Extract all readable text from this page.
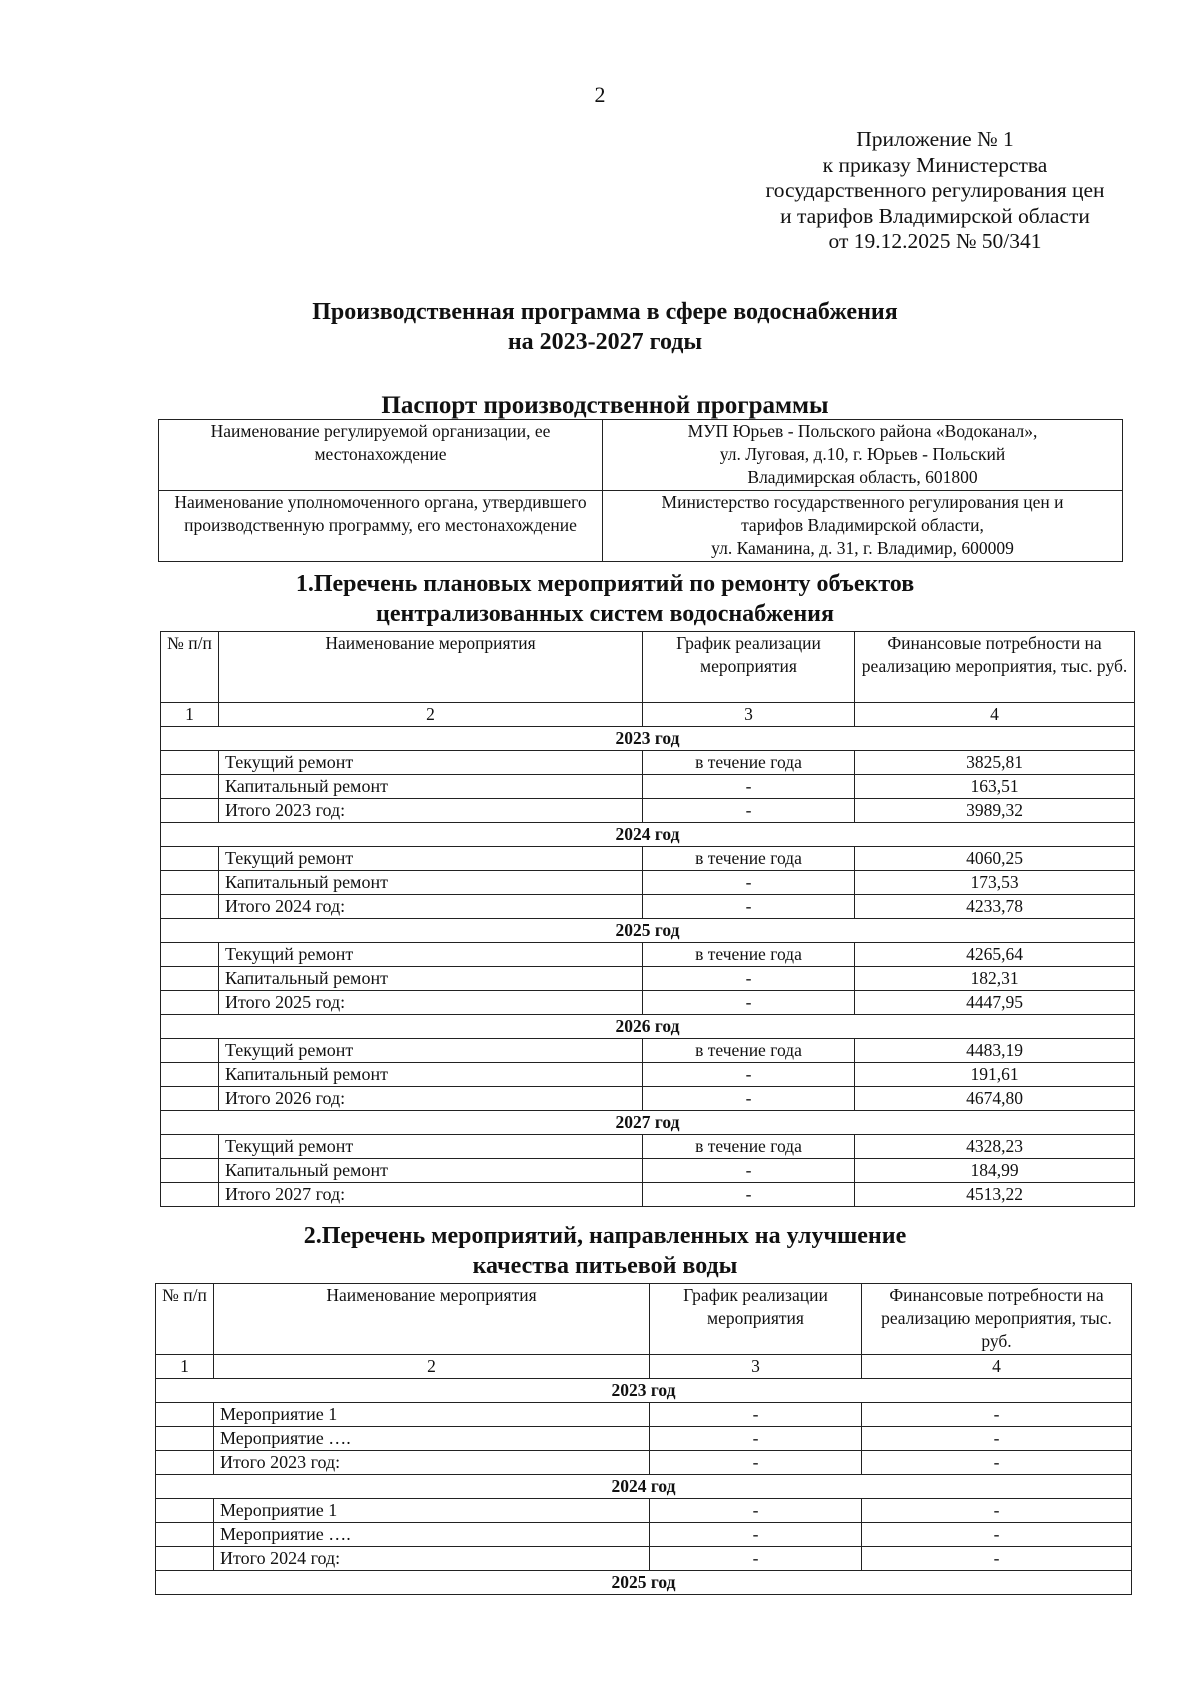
2
Приложение № 1
к приказу Министерства
государственного регулирования цен
и тарифов Владимирской области
от 19.12.2025 № 50/341
Производственная программа в сфере водоснабжения
на 2023-2027 годы
Паспорт производственной программы
Наименование регулируемой организации, ее местонахождение	МУП Юрьев - Польского района «Водоканал»,
ул. Луговая, д.10, г. Юрьев - Польский
Владимирская область, 601800

Наименование уполномоченного органа, утвердившего производственную программу, его местонахождение	Министерство государственного регулирования цен и
тарифов Владимирской области,
ул. Каманина, д. 31, г. Владимир, 600009
1.Перечень плановых мероприятий по ремонту объектов
централизованных систем водоснабжения
№ п/п	Наименование мероприятия	График реализации мероприятия	Финансовые потребности на реализацию мероприятия, тыс. руб.
1	2	3	4
2023 год			
	Текущий ремонт	в течение года	3825,81
	Капитальный ремонт	-	163,51
	Итого 2023 год:	-	3989,32
2024 год			
	Текущий ремонт	в течение года	4060,25
	Капитальный ремонт	-	173,53
	Итого 2024 год:	-	4233,78
2025 год			
	Текущий ремонт	в течение года	4265,64
	Капитальный ремонт	-	182,31
	Итого 2025 год:	-	4447,95
2026 год			
	Текущий ремонт	в течение года	4483,19
	Капитальный ремонт	-	191,61
	Итого 2026 год:	-	4674,80
2027 год			
	Текущий ремонт	в течение года	4328,23
	Капитальный ремонт	-	184,99
	Итого 2027 год:	-	4513,22
2.Перечень мероприятий, направленных на улучшение
качества питьевой воды
№ п/п	Наименование мероприятия	График реализации мероприятия	Финансовые потребности на реализацию мероприятия, тыс. руб.
1	2	3	4
2023 год			
	Мероприятие 1	-	-
	Мероприятие ….	-	-
	Итого 2023 год:	-	-
2024 год			
	Мероприятие 1	-	-
	Мероприятие ….	-	-
	Итого 2024 год:	-	-
2025 год			
